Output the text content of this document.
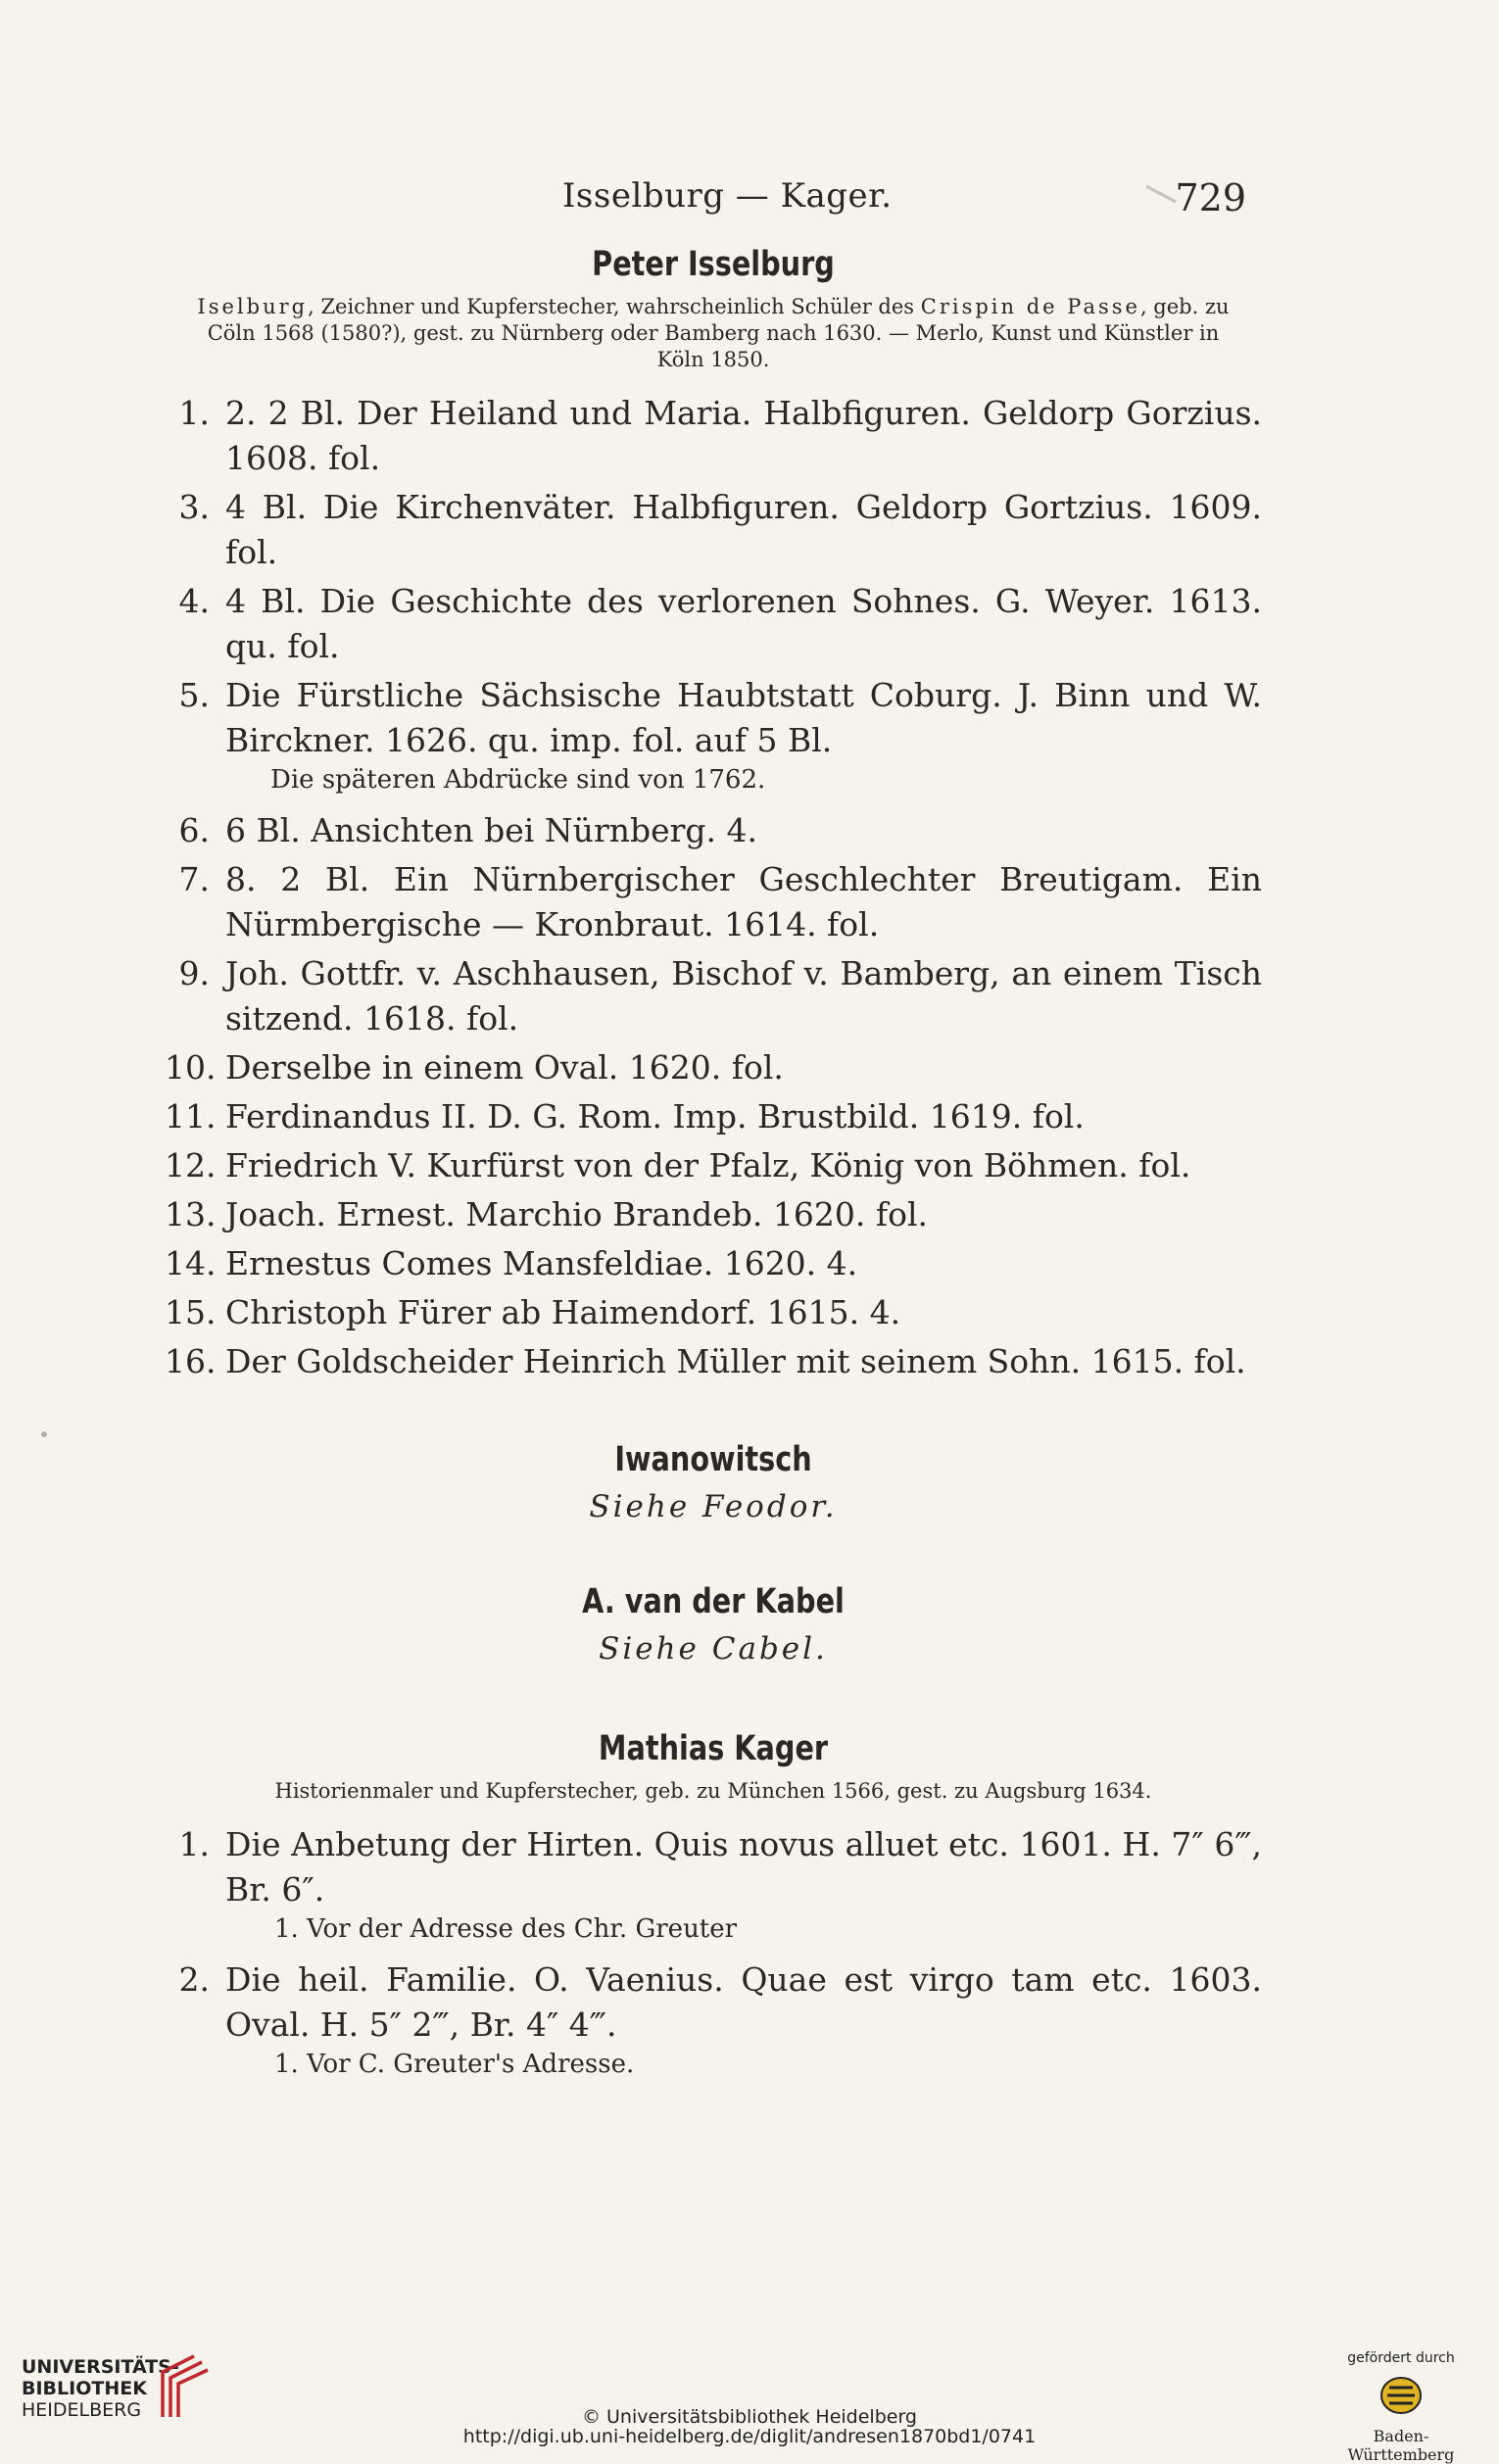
Isselburg — Kager.	729
Peter Isselburg
Iselburg, Zeichner und Kupferstecher, wahrscheinlich Schüler des Crispin de Passe, geb. zu Cöln 1568 (1580?), gest. zu Nürnberg oder Bamberg nach 1630. — Merlo, Kunst und Künstler in Köln 1850.
1. 2. 2 Bl. Der Heiland und Maria. Halbfiguren. Geldorp Gorzius. 1608. fol.
3. 4 Bl. Die Kirchenväter. Halbfiguren. Geldorp Gortzius. 1609. fol.
4. 4 Bl. Die Geschichte des verlorenen Sohnes. G. Weyer. 1613. qu. fol.
5. Die Fürstliche Sächsische Haubtstatt Coburg. J. Binn und W. Birckner. 1626. qu. imp. fol. auf 5 Bl.
Die späteren Abdrücke sind von 1762.
6. 6 Bl. Ansichten bei Nürnberg. 4.
7. 8. 2 Bl. Ein Nürnbergischer Geschlechter Breutigam. Ein Nürmbergische — Kronbraut. 1614. fol.
9. Joh. Gottfr. v. Aschhausen, Bischof v. Bamberg, an einem Tisch sitzend. 1618. fol.
10. Derselbe in einem Oval. 1620. fol.
11. Ferdinandus II. D. G. Rom. Imp. Brustbild. 1619. fol.
12. Friedrich V. Kurfürst von der Pfalz, König von Böhmen. fol.
13. Joach. Ernest. Marchio Brandeb. 1620. fol.
14. Ernestus Comes Mansfeldiae. 1620. 4.
15. Christoph Fürer ab Haimendorf. 1615. 4.
16. Der Goldscheider Heinrich Müller mit seinem Sohn. 1615. fol.
Iwanowitsch
Siehe Feodor.
A. van der Kabel
Siehe Cabel.
Mathias Kager
Historienmaler und Kupferstecher, geb. zu München 1566, gest. zu Augsburg 1634.
1. Die Anbetung der Hirten. Quis novus alluet etc. 1601. H. 7″ 6‴, Br. 6″.
1. Vor der Adresse des Chr. Greuter
2. Die heil. Familie. O. Vaenius. Quae est virgo tam etc. 1603. Oval. H. 5″ 2‴, Br. 4″ 4‴.
1. Vor C. Greuter's Adresse.
UNIVERSITÄTS-
BIBLIOTHEK
HEIDELBERG	© Universitätsbibliothek Heidelberg
http://digi.ub.uni-heidelberg.de/diglit/andresen1870bd1/0741
gefördert durch
Baden-Württemberg
